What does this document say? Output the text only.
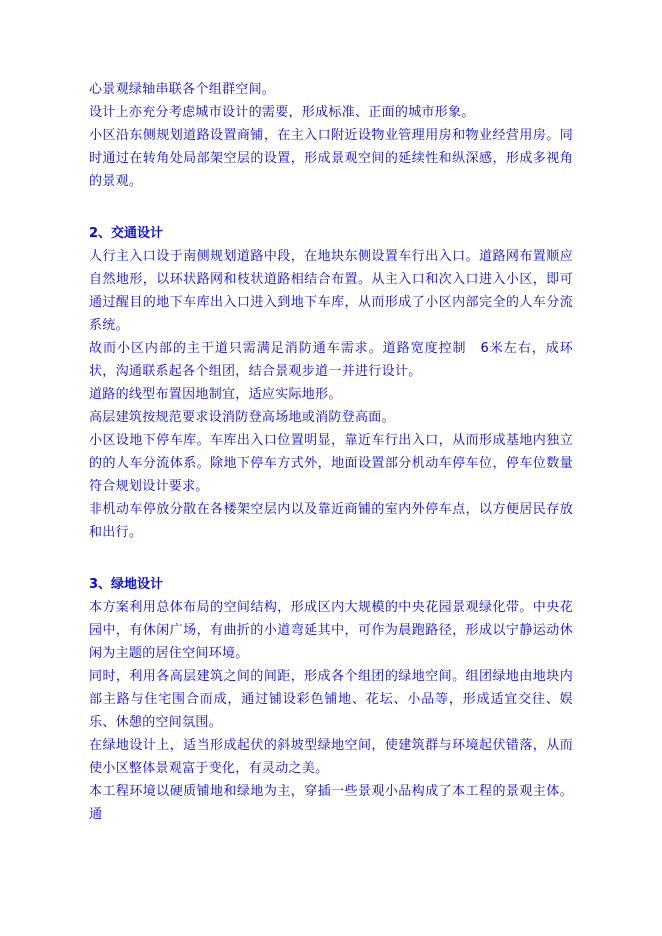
心景观绿轴串联各个组群空间。

设计上亦充分考虑城市设计的需要，形成标准、正面的城市形象。

小区沿东侧规划道路设置商铺，在主入口附近设物业管理用房和物业经营用房。同时通过在转角处局部架空层的设置，形成景观空间的延续性和纵深感，形成多视角的景观。

2、交通设计

人行主入口设于南侧规划道路中段，在地块东侧设置车行出入口。道路网布置顺应自然地形，以环状路网和枝状道路相结合布置。从主入口和次入口进入小区，即可通过醒目的地下车库出入口进入到地下车库，从而形成了小区内部完全的人车分流系统。

故而小区内部的主干道只需满足消防通车需求。道路宽度控制　6米左右，成环状，沟通联系起各个组团，结合景观步道一并进行设计。

道路的线型布置因地制宜，适应实际地形。

高层建筑按规范要求设消防登高场地或消防登高面。

小区设地下停车库。车库出入口位置明显，靠近车行出入口，从而形成基地内独立的的人车分流体系。除地下停车方式外，地面设置部分机动车停车位，停车位数量符合规划设计要求。

非机动车停放分散在各楼架空层内以及靠近商铺的室内外停车点，以方便居民存放和出行。

3、绿地设计

本方案利用总体布局的空间结构，形成区内大规模的中央花园景观绿化带。中央花园中，有休闲广场，有曲折的小道弯延其中，可作为晨跑路径，形成以宁静运动休闲为主题的居住空间环境。

同时，利用各高层建筑之间的间距，形成各个组团的绿地空间。组团绿地由地块内部主路与住宅围合而成，通过铺设彩色铺地、花坛、小品等，形成适宜交往、娱乐、休憩的空间氛围。

在绿地设计上，适当形成起伏的斜坡型绿地空间，使建筑群与环境起伏错落，从而使小区整体景观富于变化，有灵动之美。

本工程环境以硬质铺地和绿地为主，穿插一些景观小品构成了本工程的景观主体。通
